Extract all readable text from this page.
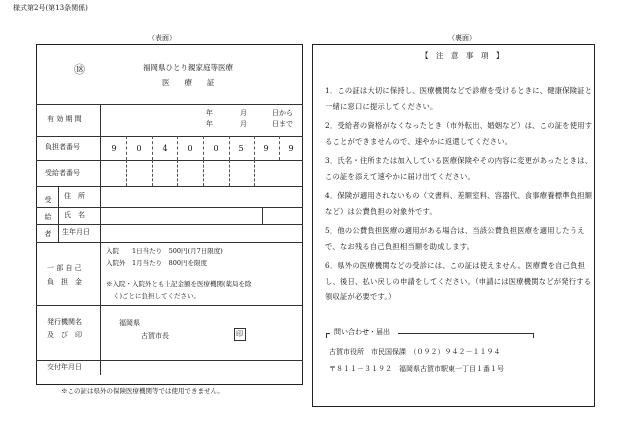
様式第2号(第13条関係)
（表面）	（裏面）
⑱	福岡県ひとり親家庭等医療
医　　療　　証
有 効 期 間
年	月	日から
年	月	日まで
負担者番号	9	0	4	0	0	5	9	9
受給者番号
受 給 者
住　所
氏　名
生年月日
一 部 自 己
負　担　金
入院　　1日当たり　500円(月7日限度)
入院外　1月当たり　800円を限度
※入院・入院外とも上記金額を医療機関(薬局を除
く)ごとに負担してください。
発行機関名
及　び　印
福岡県
古賀市長	印
交付年月日
※この証は県外の保険医療機関等では使用できません。
【　注　意　事　項　】
1．この証は大切に保持し、医療機関などで診療を受けるときに、健康保険証と一緒に窓口に提示してください。
2．受給者の資格がなくなったとき（市外転出、婚姻など）は、この証を使用することができませんので、速やかに返還してください。
3．氏名・住所または加入している医療保険やその内容に変更があったときは、この証を添えて速やかに届け出てください。
4．保険が適用されないもの（文書料、差額室料、容器代、食事療養標準負担額など）は公費負担の対象外です。
5．他の公費負担医療の適用がある場合は、当該公費負担医療を適用したうえで、なお残る自己負担相当額を助成します。
6．県外の医療機関などの受診には、この証は使えません。医療費を自己負担し、後日、払い戻しの申請をしてください。（申請には医療機関などが発行する領収証が必要です。）
問い合わせ・届出
古賀市役所　市民国保課　（０９２）９４２－１１９４
〒８１１－３１９２　福岡県古賀市駅東一丁目１番１号
